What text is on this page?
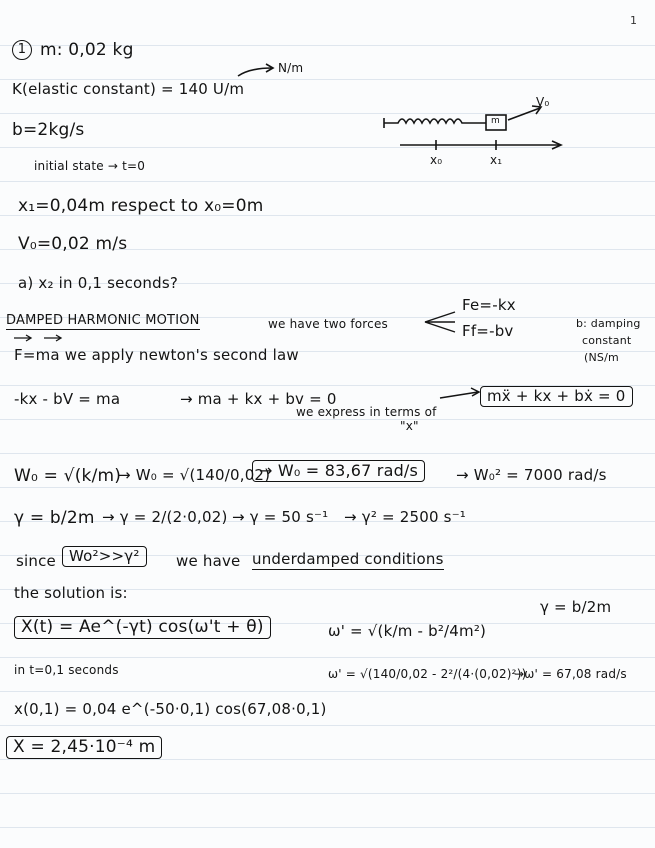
1
1 m: 0,02 kg
N/m
K(elastic constant) = 140 U/m
b=2kg/s
initial state → t=0
x₁=0,04m respect to x₀=0m
V₀=0,02 m/s
a) x₂ in 0,1 seconds?
V₀
m
x₀	x₁
DAMPED HARMONIC MOTION	we have two forces
Fe=-kx
Ff=-bv	b: damping
constant
(NS/m
F=ma we apply newton's second law
-kx - bV = ma	→ ma + kx + bv = 0
we express in terms of
"x"
mẍ + kx + bẋ = 0
W₀ = √(k/m)
→ W₀ = √(140/0,02)
→ W₀ = 83,67 rad/s	→ W₀² = 7000 rad/s
γ = b/2m → γ = 2/(2·0,02) → γ = 50 s⁻¹ → γ² = 2500 s⁻¹
since Wo²>>γ²	we have underdamped conditions
the solution is:
X(t) = Ae^(-γt) cos(ω't + θ)	ω' = √(k/m - b²/4m²)
γ = b/2m
in t=0,1 seconds	ω' = √(140/0,02 - 2²/(4·(0,02)²))
→ω' = 67,08 rad/s
x(0,1) = 0,04 e^(-50·0,1) cos(67,08·0,1)
X = 2,45·10⁻⁴ m
